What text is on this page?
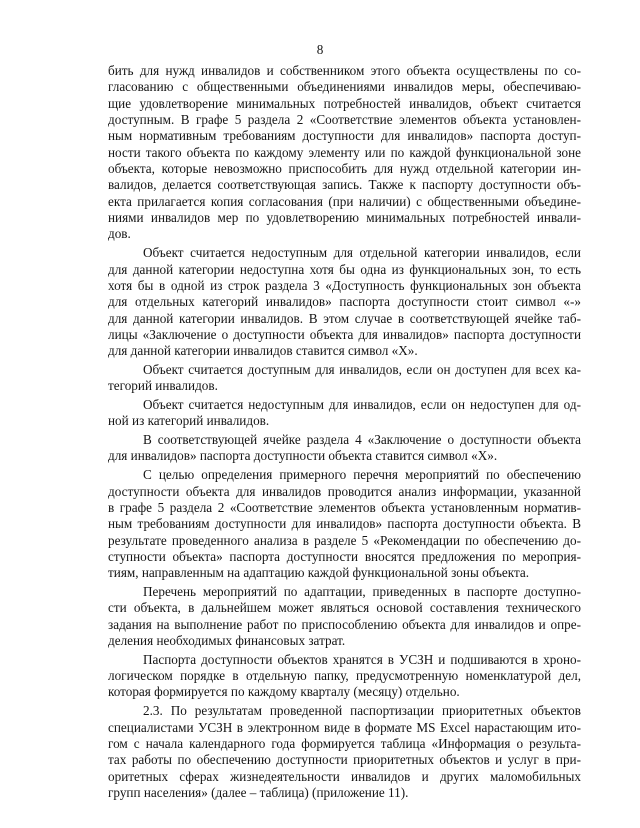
8
бить для нужд инвалидов и собственником этого объекта осуществлены по со-
гласованию с общественными объединениями инвалидов меры, обеспечиваю-
щие удовлетворение минимальных потребностей инвалидов, объект считается
доступным. В графе 5 раздела 2 «Соответствие элементов объекта установлен-
ным нормативным требованиям доступности для инвалидов» паспорта доступ-
ности такого объекта по каждому элементу или по каждой функциональной зоне
объекта, которые невозможно приспособить для нужд отдельной категории ин-
валидов, делается соответствующая запись. Также к паспорту доступности объ-
екта прилагается копия согласования (при наличии) с общественными объедине-
ниями инвалидов мер по удовлетворению минимальных потребностей инвали-
дов.
Объект считается недоступным для отдельной категории инвалидов, если
для данной категории недоступна хотя бы одна из функциональных зон, то есть
хотя бы в одной из строк раздела 3 «Доступность функциональных зон объекта
для отдельных категорий инвалидов» паспорта доступности стоит символ «-»
для данной категории инвалидов. В этом случае в соответствующей ячейке таб-
лицы «Заключение о доступности объекта для инвалидов» паспорта доступности
для данной категории инвалидов ставится символ «Х».
Объект считается доступным для инвалидов, если он доступен для всех ка-
тегорий инвалидов.
Объект считается недоступным для инвалидов, если он недоступен для од-
ной из категорий инвалидов.
В соответствующей ячейке раздела 4 «Заключение о доступности объекта
для инвалидов» паспорта доступности объекта ставится символ «Х».
С целью определения примерного перечня мероприятий по обеспечению
доступности объекта для инвалидов проводится анализ информации, указанной
в графе 5 раздела 2 «Соответствие элементов объекта установленным норматив-
ным требованиям доступности для инвалидов» паспорта доступности объекта. В
результате проведенного анализа в разделе 5 «Рекомендации по обеспечению до-
ступности объекта» паспорта доступности вносятся предложения по мероприя-
тиям, направленным на адаптацию каждой функциональной зоны объекта.
Перечень мероприятий по адаптации, приведенных в паспорте доступно-
сти объекта, в дальнейшем может являться основой составления технического
задания на выполнение работ по приспособлению объекта для инвалидов и опре-
деления необходимых финансовых затрат.
Паспорта доступности объектов хранятся в УСЗН и подшиваются в хроно-
логическом порядке в отдельную папку, предусмотренную номенклатурой дел,
которая формируется по каждому кварталу (месяцу) отдельно.
2.3. По результатам проведенной паспортизации приоритетных объектов
специалистами УСЗН в электронном виде в формате MS Excel нарастающим ито-
гом с начала календарного года формируется таблица «Информация о результа-
тах работы по обеспечению доступности приоритетных объектов и услуг в при-
оритетных сферах жизнедеятельности инвалидов и других маломобильных
групп населения» (далее – таблица) (приложение 11).
